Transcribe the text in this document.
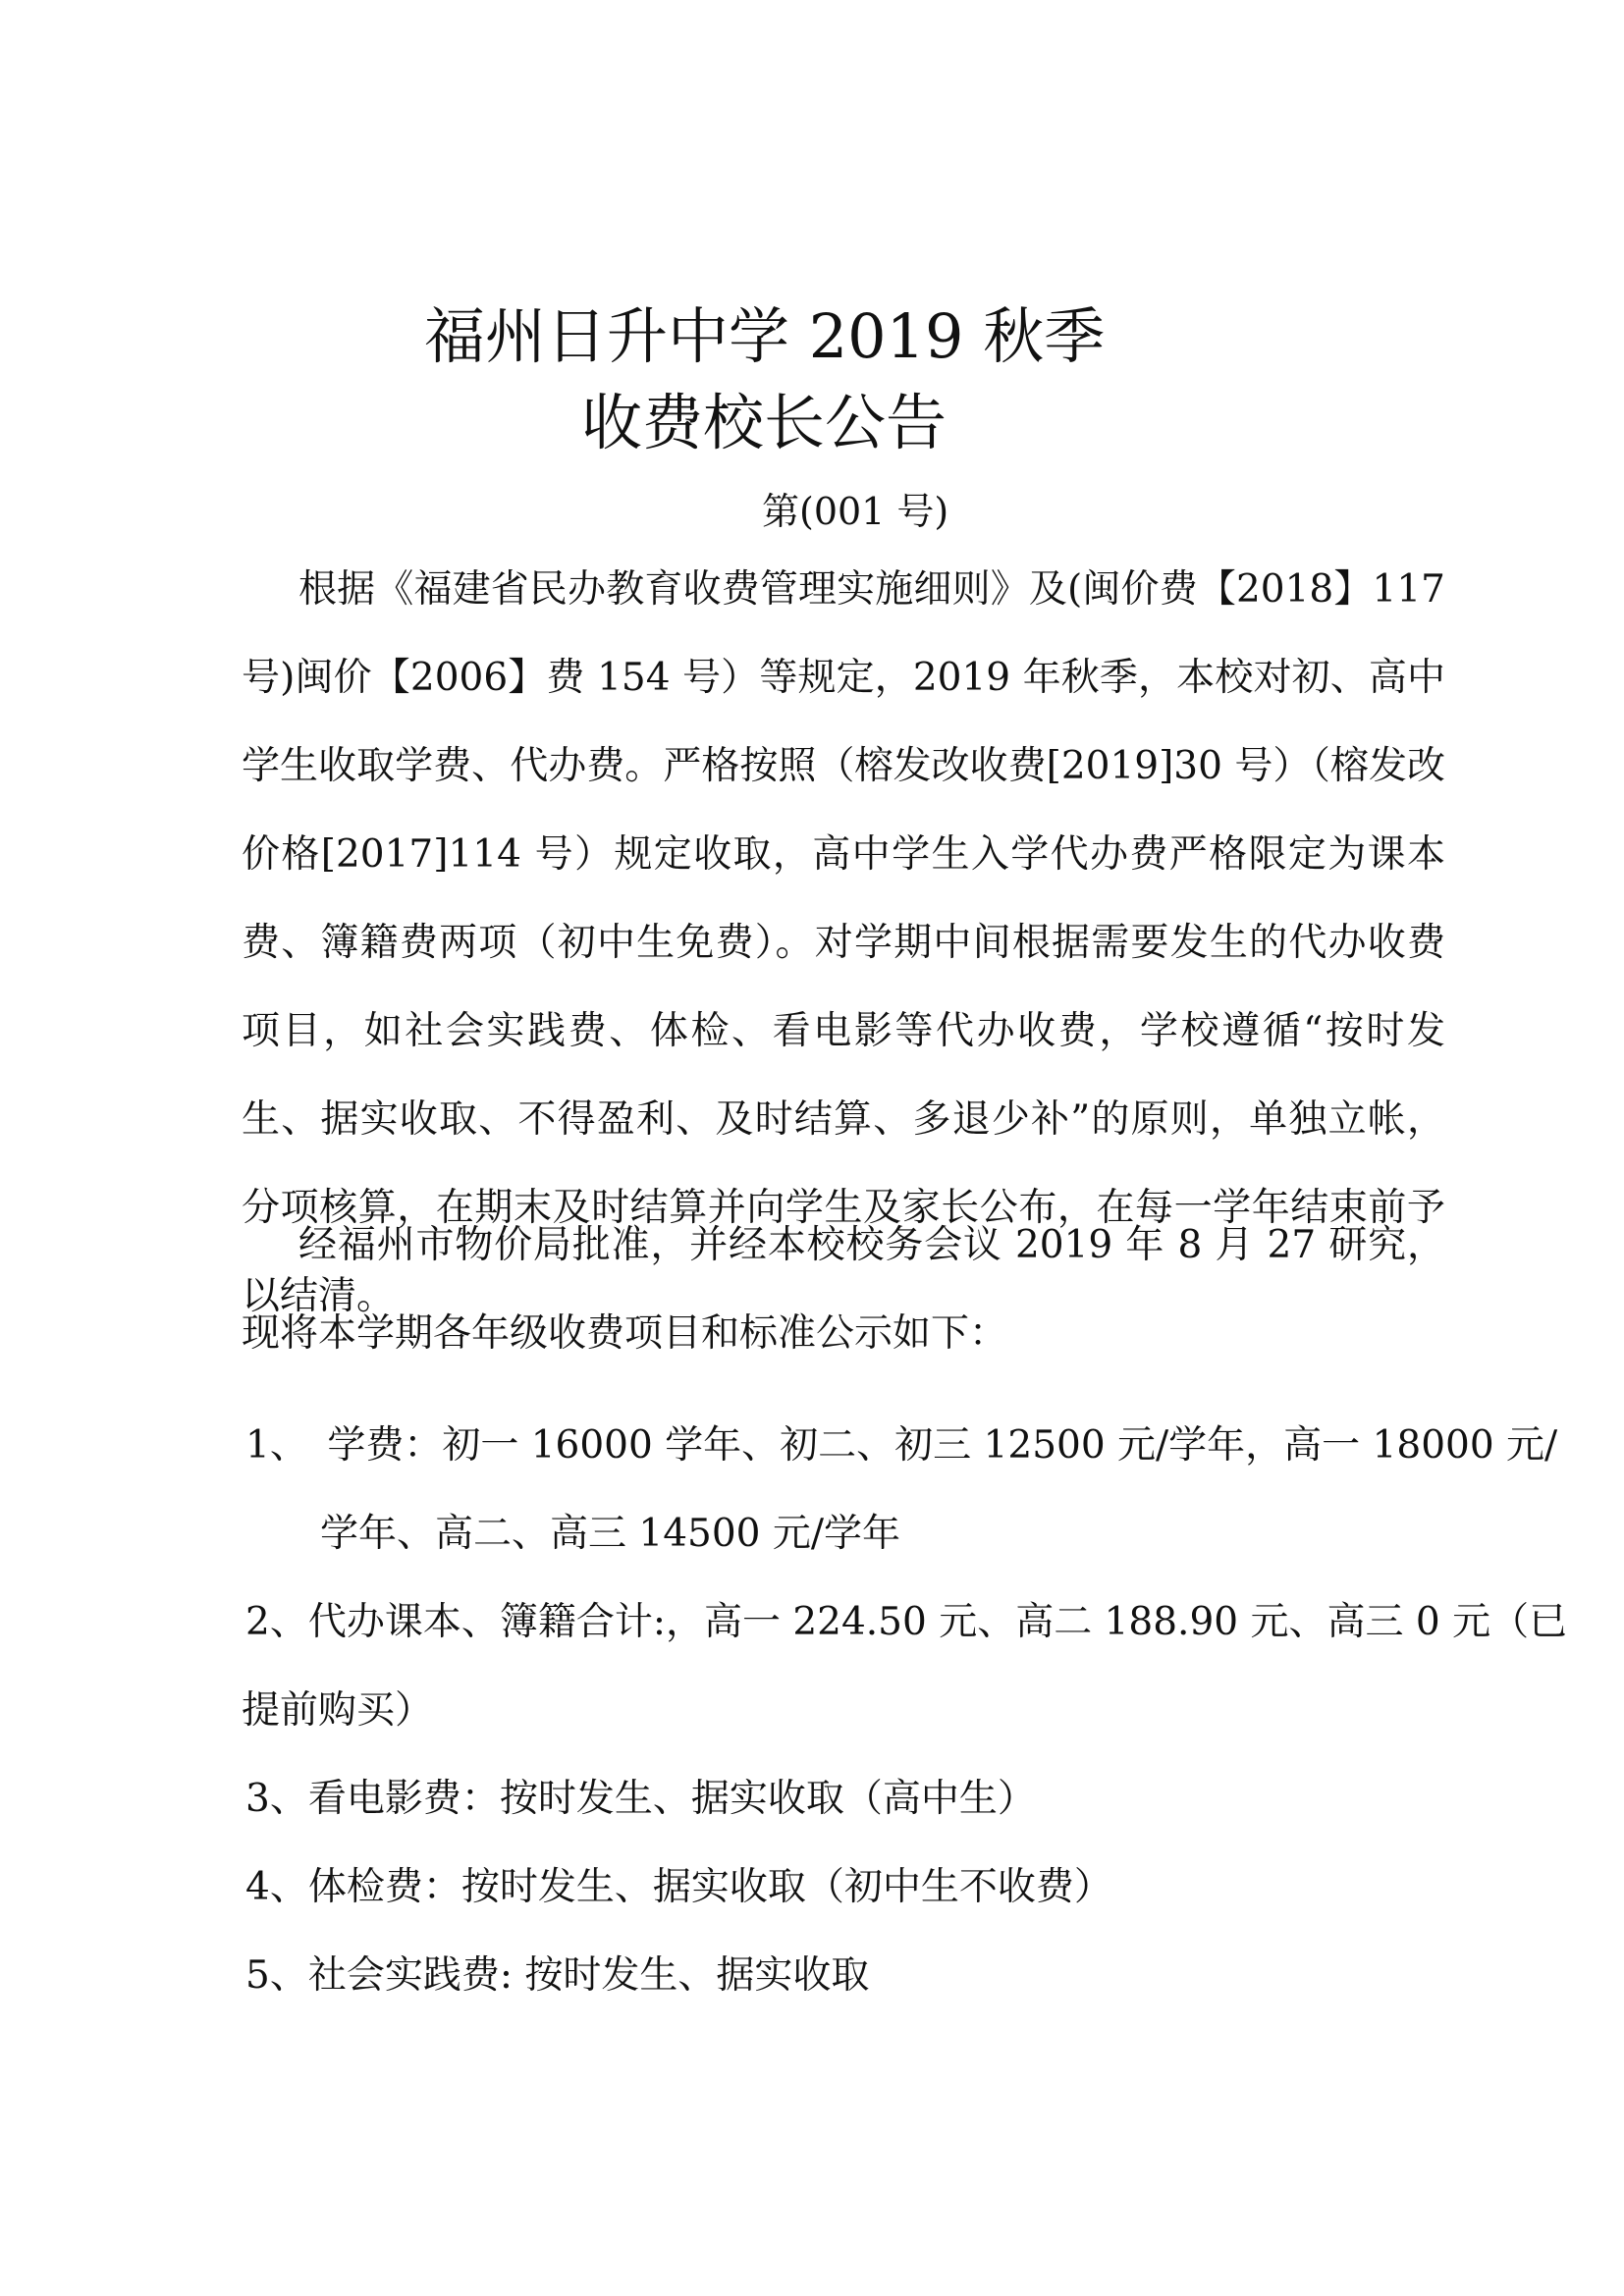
福州日升中学 2019 秋季
收费校长公告
第(001 号)

根据《福建省民办教育收费管理实施细则》及(闽价费【2018】117 号)闽价【2006】费 154 号）等规定，2019 年秋季，本校对初、高中学生收取学费、代办费。严格按照（榕发改收费[2019]30 号）（榕发改价格[2017]114 号）规定收取，高中学生入学代办费严格限定为课本费、簿籍费两项（初中生免费）。对学期中间根据需要发生的代办收费项目，如社会实践费、体检、看电影等代办收费，学校遵循“按时发生、据实收取、不得盈利、及时结算、多退少补”的原则，单独立帐，分项核算，在期末及时结算并向学生及家长公布，在每一学年结束前予以结清。

经福州市物价局批准，并经本校校务会议 2019 年 8 月 27 研究，现将本学期各年级收费项目和标准公示如下：

1、　学费：初一 16000 学年、初二、初三 12500 元/学年，高一 18000 元/

学年、高二、高三 14500 元/学年

2、代办课本、簿籍合计:，高一 224.50 元、高二 188.90 元、高三 0 元（已

提前购买）

3、看电影费：按时发生、据实收取（高中生）

4、体检费：按时发生、据实收取（初中生不收费）

5、社会实践费: 按时发生、据实收取
